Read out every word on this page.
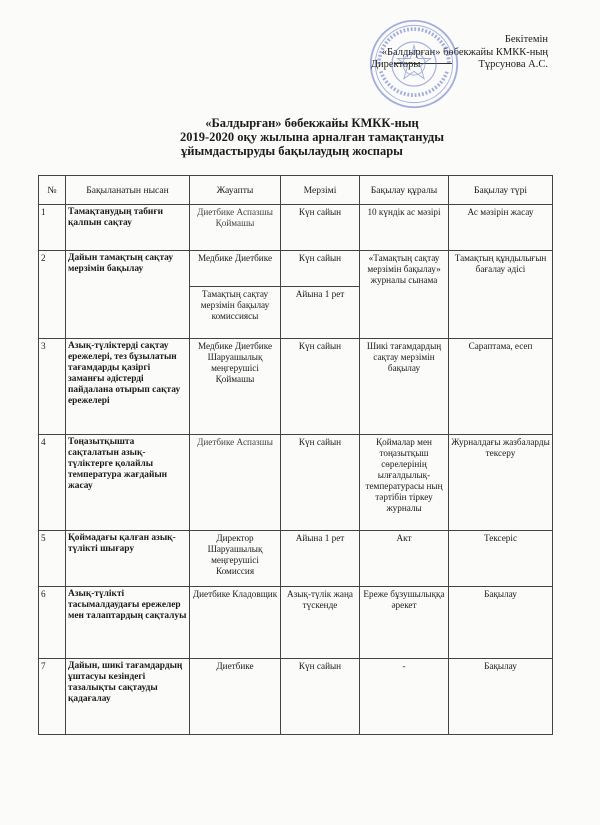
Бекітемін
«Балдырған» бөбекжайы КМКК-ның
Директоры	Тұрсунова А.С.
«Балдырған» бөбекжайы КМКК-ның
2019-2020 оқу жылына арналған тамақтануды
ұйымдастыруды бақылаудың жоспары
№	Бақыланатын нысан	Жауапты	Мерзімі	Бақылау құралы	Бақылау түрі
1	Тамақтанудың табиғи қалпын сақтау	Диетбике Аспазшы Қоймашы	Күн сайын	10 күндік ас мәзірі	Ас мәзірін жасау
2	Дайын тамақтың сақтау мерзімін бақылау	Медбике Диетбике	Күн сайын	«Тамақтың сақтау мерзімін бақылау» журналы сынама	Тамақтың құндылығын бағалау әдісі
		Тамақтың сақтау мерзімін бақылау комиссиясы	Айына 1 рет		
3	Азық-түліктерді сақтау ережелері, тез бұзылатын тағамдарды қазіргі заманғы әдістерді пайдалана отырып сақтау ережелері	Медбике Диетбике Шаруашылық меңгерушісі Қоймашы	Күн сайын	Шикі тағамдардың сақтау мерзімін бақылау	Сараптама, есеп
4	Тоңазытқышта сақталатын азық-түліктерге қолайлы температура жағдайын жасау	Диетбике Аспазшы	Күн сайын	Қоймалар мен тоңазытқыш сөрелерінің ылғалдылық-температурасы ның тәртібін тіркеу журналы	Журналдағы жазбаларды тексеру
5	Қоймадағы қалған азық-түлікті шығару	Директор Шаруашылық меңгерушісі Комиссия	Айына 1 рет	Акт	Тексеріс
6	Азық-түлікті тасымалдаудағы ережелер мен талаптардың сақталуы	Диетбике Кладовщик	Азық-түлік жаңа түскенде	Ереже бұзушылыққа әрекет	Бақылау
7	Дайын, шикі тағамдардың ұштасуы кезіндегі тазалықты сақтауды қадағалау	Диетбике	Күн сайын	-	Бақылау
